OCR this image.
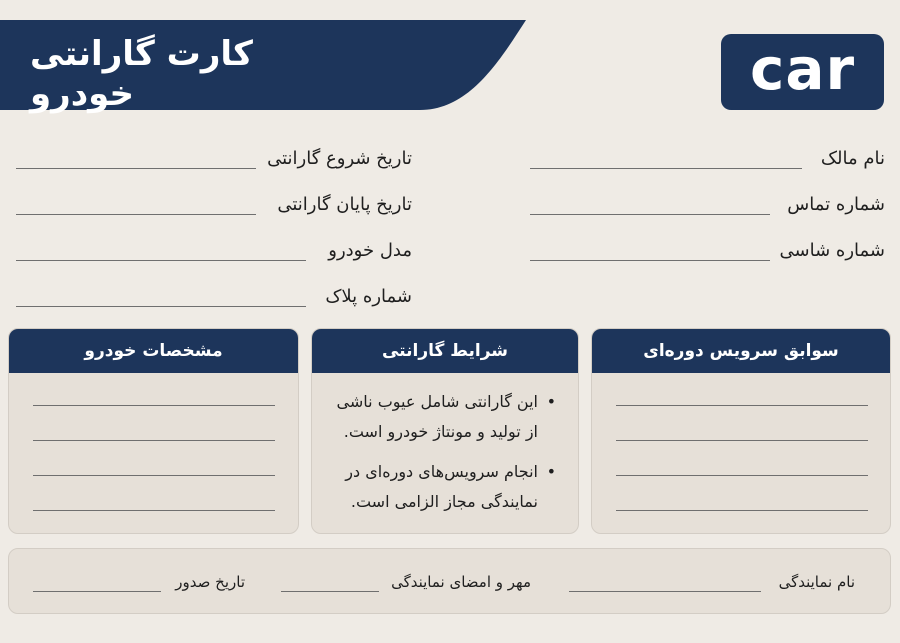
کارت گارانتی خودرو	car
نام مالک
شماره تماس
شماره شاسی
تاریخ شروع گارانتی
تاریخ پایان گارانتی
مدل خودرو
شماره پلاک
سوابق سرویس دوره‌ای
شرایط گارانتی
• این گارانتی شامل عیوب ناشی از تولید و مونتاژ خودرو است.
• انجام سرویس‌های دوره‌ای در نمایندگی مجاز الزامی است.
مشخصات خودرو
نام نمایندگی
مهر و امضای نمایندگی
تاریخ صدور
